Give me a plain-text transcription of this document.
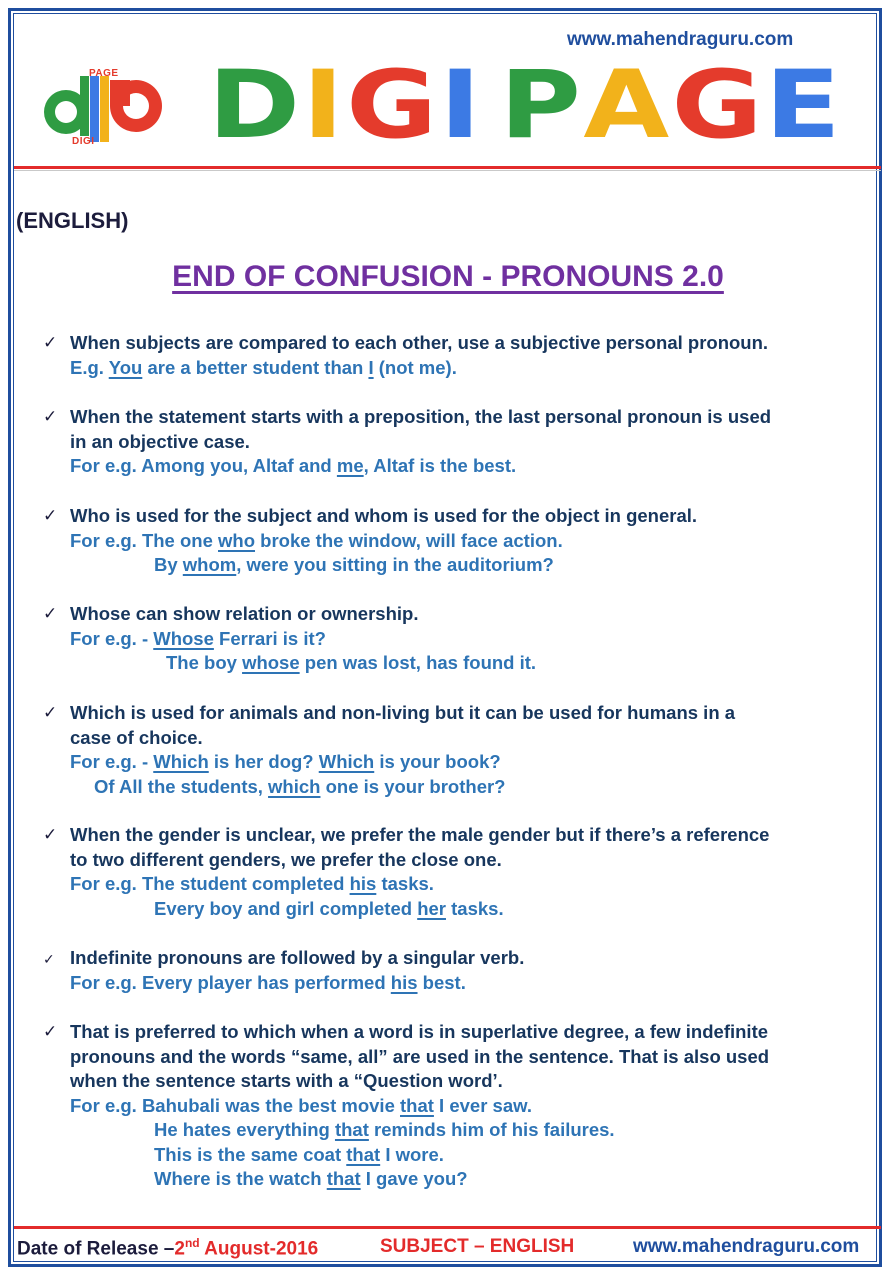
www.mahendraguru.com
PAGE
DIGI DIGI PAGE
(ENGLISH)
END OF CONFUSION - PRONOUNS 2.0
✓ When subjects are compared to each other, use a subjective personal pronoun.
E.g. You are a better student than I (not me).
✓ When the statement starts with a preposition, the last personal pronoun is used
in an objective case.
For e.g. Among you, Altaf and me, Altaf is the best.
✓ Who is used for the subject and whom is used for the object in general.
For e.g. The one who broke the window, will face action.
By whom, were you sitting in the auditorium?
✓ Whose can show relation or ownership.
For e.g. - Whose Ferrari is it?
The boy whose pen was lost, has found it.
✓ Which is used for animals and non-living but it can be used for humans in a
case of choice.
For e.g. - Which is her dog? Which is your book?
Of All the students, which one is your brother?
✓ When the gender is unclear, we prefer the male gender but if there’s a reference
to two different genders, we prefer the close one.
For e.g. The student completed his tasks.
Every boy and girl completed her tasks.
✓ Indefinite pronouns are followed by a singular verb.
For e.g. Every player has performed his best.
✓ That is preferred to which when a word is in superlative degree, a few indefinite
pronouns and the words “same, all” are used in the sentence. That is also used
when the sentence starts with a “Question word’.
For e.g. Bahubali was the best movie that I ever saw.
He hates everything that reminds him of his failures.
This is the same coat that I wore.
Where is the watch that I gave you?
Date of Release –2nd August-2016	SUBJECT – ENGLISH	www.mahendraguru.com
